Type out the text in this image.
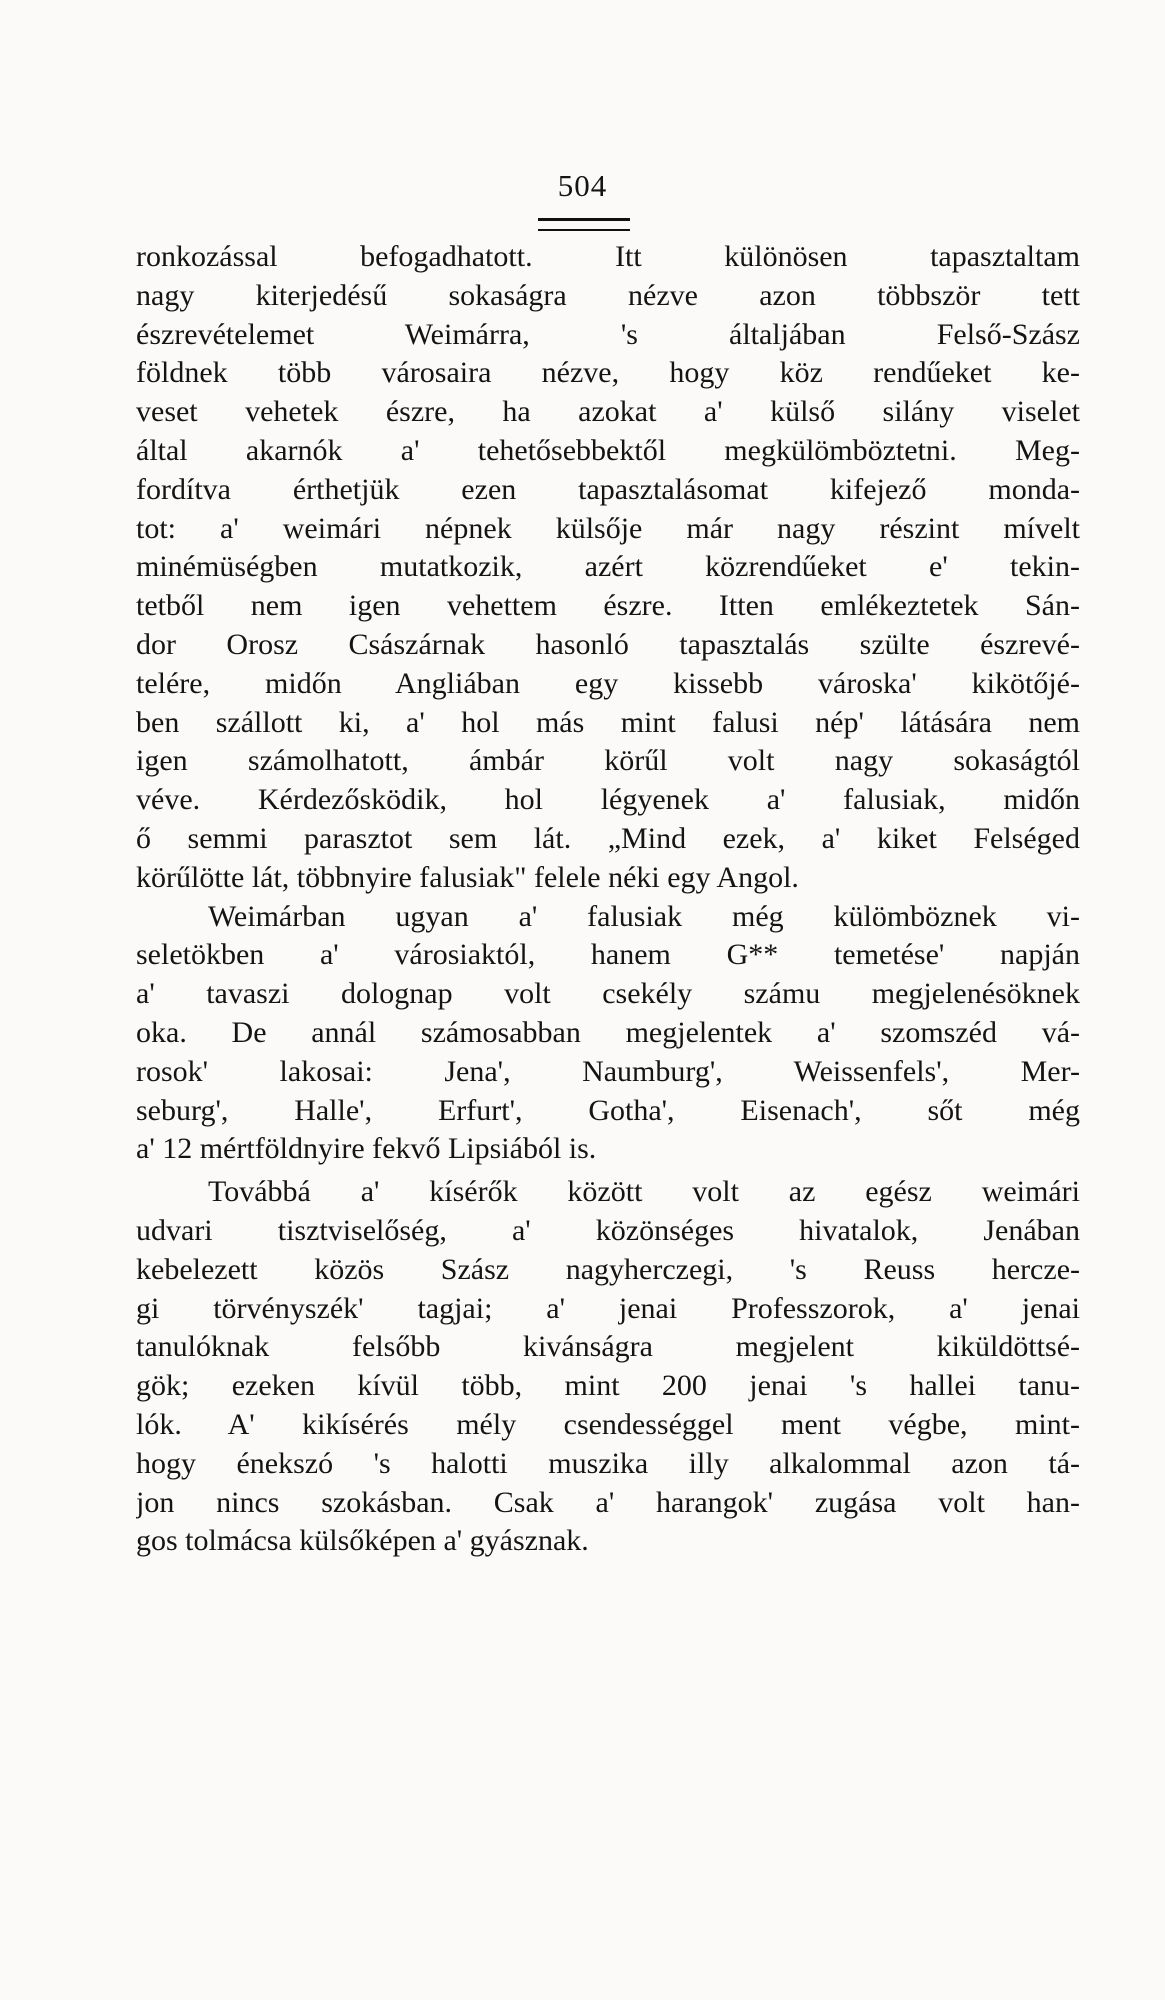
504
ronkozással befogadhatott. Itt különösen tapasztaltam
nagy kiterjedésű sokaságra nézve azon többször tett
észrevételemet Weimárra, 's általjában Felső-Szász
földnek több városaira nézve, hogy köz rendűeket ke-
veset vehetek észre, ha azokat a' külső silány viselet
által akarnók a' tehetősebbektől megkülömböztetni. Meg-
fordítva érthetjük ezen tapasztalásomat kifejező monda-
tot: a' weimári népnek külsője már nagy részint mívelt
minémüségben mutatkozik, azért közrendűeket e' tekin-
tetből nem igen vehettem észre. Itten emlékeztetek Sán-
dor Orosz Császárnak hasonló tapasztalás szülte észrevé-
telére, midőn Angliában egy kissebb városka' kikötőjé-
ben szállott ki, a' hol más mint falusi nép' látására nem
igen számolhatott, ámbár körűl volt nagy sokaságtól
véve. Kérdezősködik, hol légyenek a' falusiak, midőn
ő semmi parasztot sem lát. „Mind ezek, a' kiket Felséged
körűlötte lát, többnyire falusiak" felele néki egy Angol.
Weimárban ugyan a' falusiak még külömböznek vi-
seletökben a' városiaktól, hanem G** temetése' napján
a' tavaszi dolognap volt csekély számu megjelenésöknek
oka. De annál számosabban megjelentek a' szomszéd vá-
rosok' lakosai: Jena', Naumburg', Weissenfels', Mer-
seburg', Halle', Erfurt', Gotha', Eisenach', sőt még
a' 12 mértföldnyire fekvő Lipsiából is.
Továbbá a' kísérők között volt az egész weimári
udvari tisztviselőség, a' közönséges hivatalok, Jenában
kebelezett közös Szász nagyherczegi, 's Reuss hercze-
gi törvényszék' tagjai; a' jenai Professzorok, a' jenai
tanulóknak felsőbb kivánságra megjelent kiküldöttsé-
gök; ezeken kívül több, mint 200 jenai 's hallei tanu-
lók. A' kikísérés mély csendességgel ment végbe, mint-
hogy énekszó 's halotti muszika illy alkalommal azon tá-
jon nincs szokásban. Csak a' harangok' zugása volt han-
gos tolmácsa külsőképen a' gyásznak.
